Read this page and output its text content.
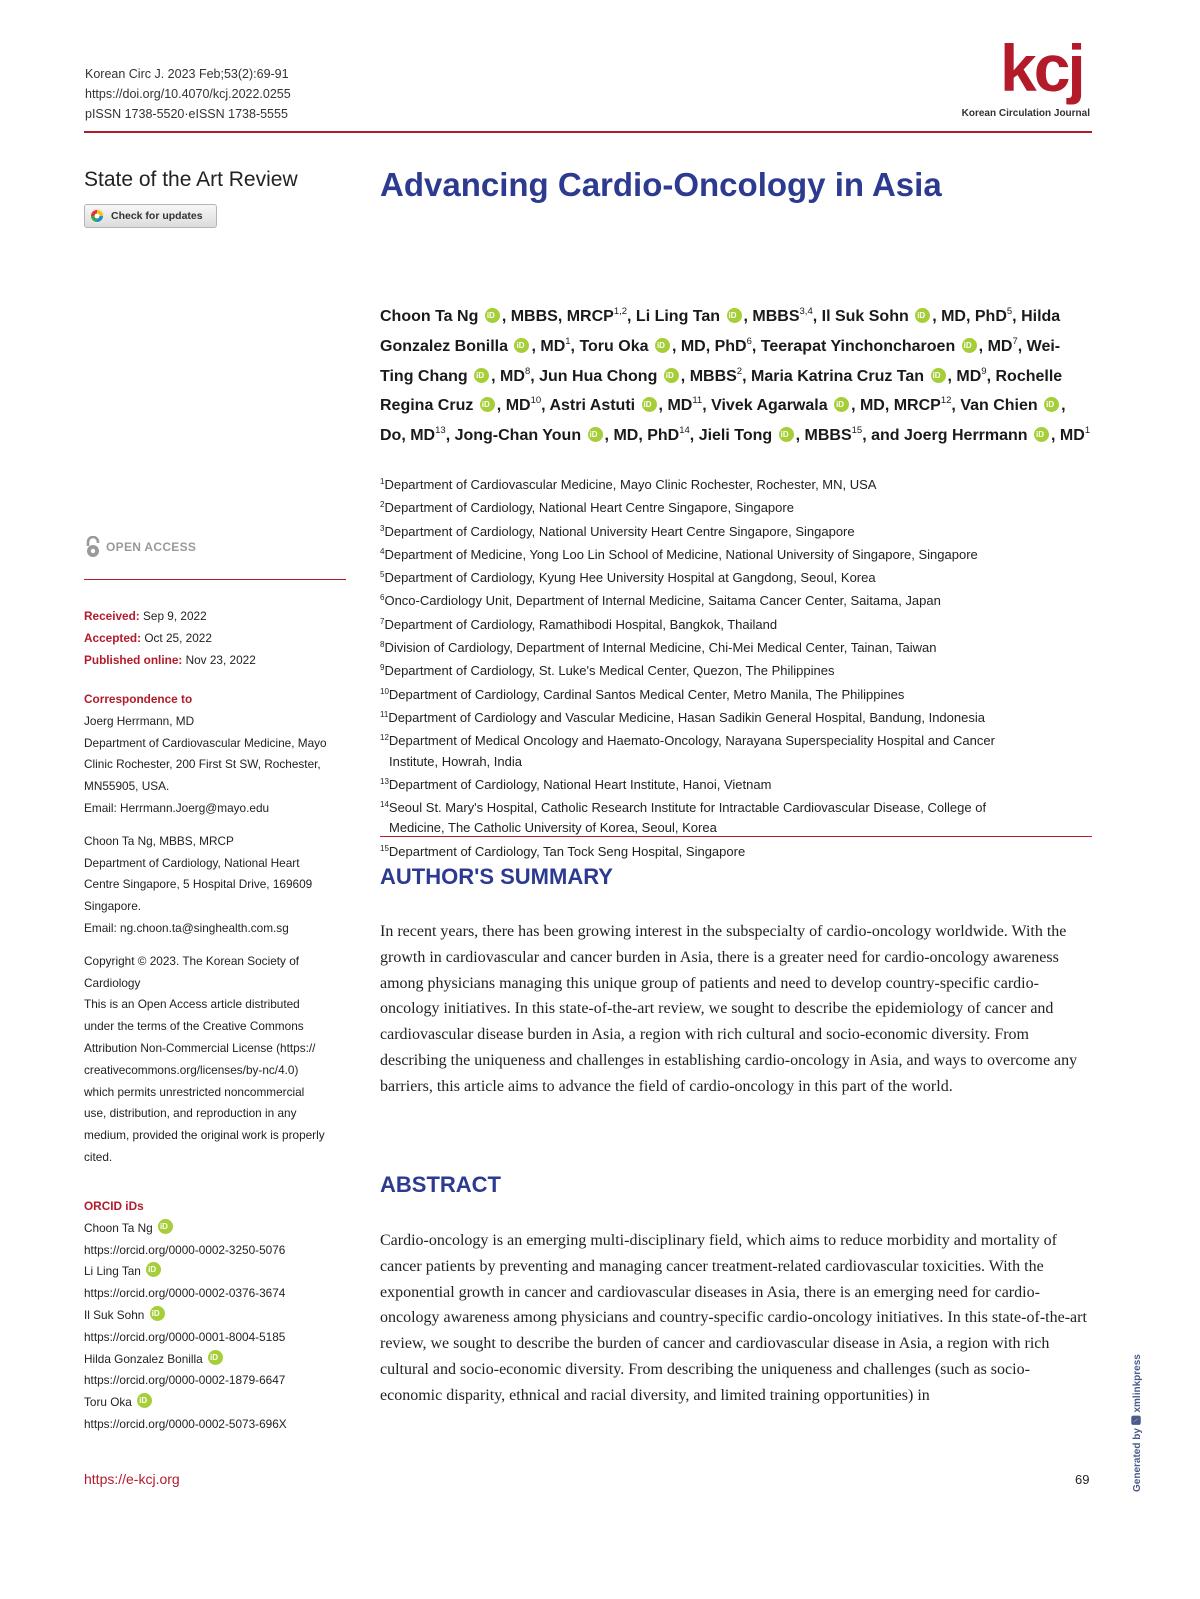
Korean Circ J. 2023 Feb;53(2):69-91
https://doi.org/10.4070/kcj.2022.0255
pISSN 1738-5520·eISSN 1738-5555
kcj
Korean Circulation Journal
State of the Art Review
Check for updates
Advancing Cardio-Oncology in Asia
Choon Ta Ng iD , MBBS, MRCP$^{1,2}$, Li Ling Tan iD , MBBS$^{3,4}$, Il Suk Sohn iD , MD, PhD$^5$, Hilda Gonzalez Bonilla iD , $MD^1$, Toru Oka iD , MD, PhD$^6$, Teerapat Yinchoncharoen iD , $MD^7$, Wei-Ting Chang iD , $MD^8$, Jun Hua Chong iD , MBBS$^2$, Maria Katrina Cruz Tan iD , $MD^9$, Rochelle Regina Cruz iD , MD$^{10}$, Astri Astuti iD , MD$^{11}$, Vivek Agarwala iD , MD, MRCP$^{12}$, Van Chien iD , Do, MD$^{13}$, Jong-Chan Youn iD , MD, PhD$^{14}$, Jieli Tong iD , MBBS$^{15}$, and Joerg Herrmann iD , $MD^1$
$^1$Department of Cardiovascular Medicine, Mayo Clinic Rochester, Rochester, MN, USA
$^2$Department of Cardiology, National Heart Centre Singapore, Singapore
$^3$Department of Cardiology, National University Heart Centre Singapore, Singapore
$^4$Department of Medicine, Yong Loo Lin School of Medicine, National University of Singapore, Singapore
$^5$Department of Cardiology, Kyung Hee University Hospital at Gangdong, Seoul, Korea
$^6$Onco-Cardiology Unit, Department of Internal Medicine, Saitama Cancer Center, Saitama, Japan
$^7$Department of Cardiology, Ramathibodi Hospital, Bangkok, Thailand
$^8$Division of Cardiology, Department of Internal Medicine, Chi-Mei Medical Center, Tainan, Taiwan
$^9$Department of Cardiology, St. Luke's Medical Center, Quezon, The Philippines
$^{10}$Department of Cardiology, Cardinal Santos Medical Center, Metro Manila, The Philippines
$^{11}$Department of Cardiology and Vascular Medicine, Hasan Sadikin General Hospital, Bandung, Indonesia
$^{12}$Department of Medical Oncology and Haemato-Oncology, Narayana Superspeciality Hospital and Cancer
Institute, Howrah, India
$^{13}$Department of Cardiology, National Heart Institute, Hanoi, Vietnam
$^{14}$Seoul St. Mary's Hospital, Catholic Research Institute for Intractable Cardiovascular Disease, College of
Medicine, The Catholic University of Korea, Seoul, Korea
$^{15}$Department of Cardiology, Tan Tock Seng Hospital, Singapore
AUTHOR'S SUMMARY
In recent years, there has been growing interest in the subspecialty of cardio-oncology worldwide. With the growth in cardiovascular and cancer burden in Asia, there is a greater need for cardio-oncology awareness among physicians managing this unique group of patients and need to develop country-specific cardio-oncology initiatives. In this state-of-the-art review, we sought to describe the epidemiology of cancer and cardiovascular disease burden in Asia, a region with rich cultural and socio-economic diversity. From describing the uniqueness and challenges in establishing cardio-oncology in Asia, and ways to overcome any barriers, this article aims to advance the field of cardio-oncology in this part of the world.
ABSTRACT
Cardio-oncology is an emerging multi-disciplinary field, which aims to reduce morbidity and mortality of cancer patients by preventing and managing cancer treatment-related cardiovascular toxicities. With the exponential growth in cancer and cardiovascular diseases in Asia, there is an emerging need for cardio-oncology awareness among physicians and country-specific cardio-oncology initiatives. In this state-of-the-art review, we sought to describe the burden of cancer and cardiovascular disease in Asia, a region with rich cultural and socio-economic diversity. From describing the uniqueness and challenges (such as socio-economic disparity, ethnical and racial diversity, and limited training opportunities) in
OPEN ACCESS
Received: Sep 9, 2022
Accepted: Oct 25, 2022
Published online: Nov 23, 2022
Correspondence to
Joerg Herrmann, MD
Department of Cardiovascular Medicine, Mayo
Clinic Rochester, 200 First St SW, Rochester,
MN55905, USA.
Email: Herrmann.Joerg@mayo.edu
Choon Ta Ng, MBBS, MRCP
Department of Cardiology, National Heart
Centre Singapore, 5 Hospital Drive, 169609
Singapore.
Email: ng.choon.ta@singhealth.com.sg
Copyright © 2023. The Korean Society of
Cardiology
This is an Open Access article distributed
under the terms of the Creative Commons
Attribution Non-Commercial License (https://
creativecommons.org/licenses/by-nc/4.0)
which permits unrestricted noncommercial
use, distribution, and reproduction in any
medium, provided the original work is properly
cited.
ORCID iDs
Choon Ta Ng iD
https://orcid.org/0000-0002-3250-5076
Li Ling Tan iD
https://orcid.org/0000-0002-0376-3674
Il Suk Sohn iD
https://orcid.org/0000-0001-8004-5185
Hilda Gonzalez Bonilla iD
https://orcid.org/0000-0002-1879-6647
Toru Oka iD
https://orcid.org/0000-0002-5073-696X
https://e-kcj.org	69	Generated by 🆇 xmlinkpress
